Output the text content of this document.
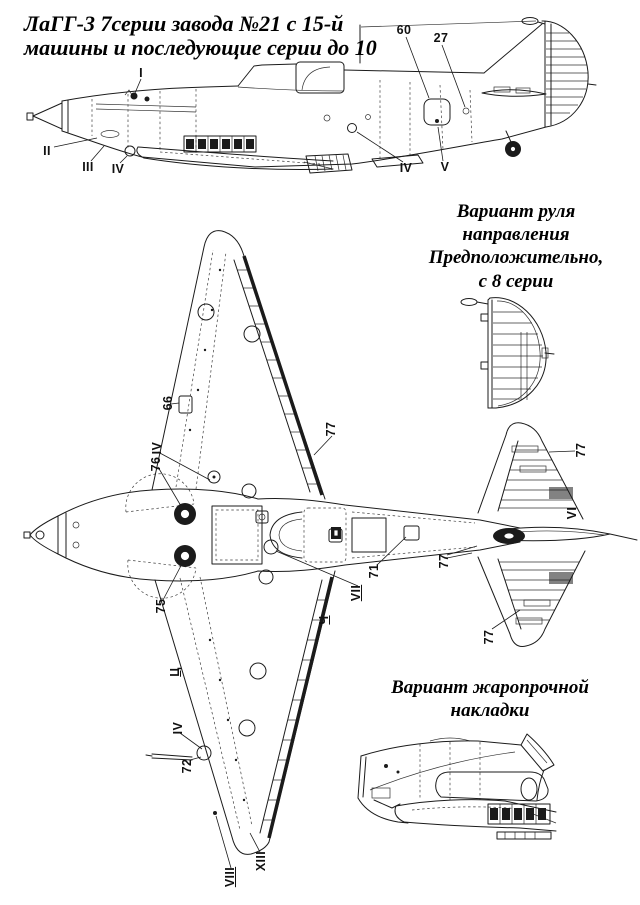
ЛаГГ-3 7серии завода №21 с 15-й
машины и последующие серии до 10
Вариант руля
направления
Предположительно,
с 8 серии
Вариант жаропрочной
накладки
I
II
III IV
60
27
IV V
66
IV
76
75
77
71
77
VII
Ч
77
VI
77
Ц
IV
72
VIII
XIII
